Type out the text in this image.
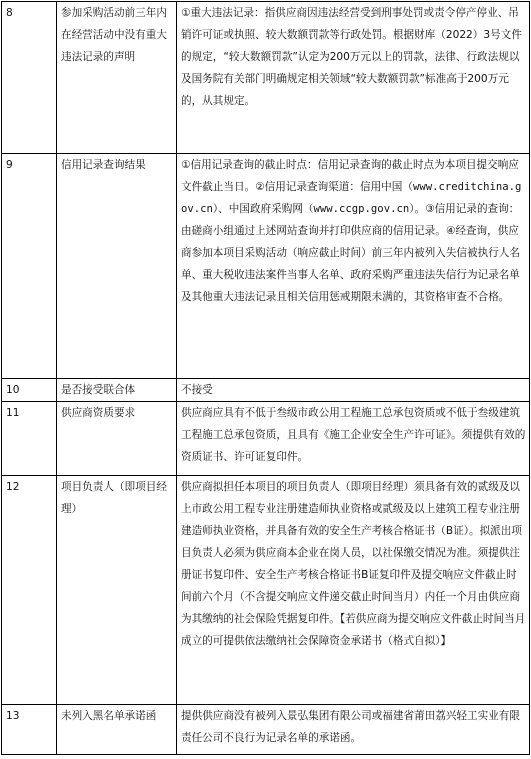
8	参加采购活动前三年内在经营活动中没有重大违法记录的声明	①重大违法记录：指供应商因违法经营受到刑事处罚或责令停产停业、吊销许可证或执照、较大数额罚款等行政处罚。根据财库（2022）3号文件的规定，“较大数额罚款”认定为200万元以上的罚款，法律、行政法规以及国务院有关部门明确规定相关领域“较大数额罚款”标准高于200万元的，从其规定。
9	信用记录查询结果	①信用记录查询的截止时点：信用记录查询的截止时点为本项目提交响应文件截止当日。②信用记录查询渠道：信用中国（www.creditchina.gov.cn）、中国政府采购网（www.ccgp.gov.cn）。③信用记录的查询：由磋商小组通过上述网站查询并打印供应商的信用记录。④经查询，供应商参加本项目采购活动（响应截止时间）前三年内被列入失信被执行人名单、重大税收违法案件当事人名单、政府采购严重违法失信行为记录名单及其他重大违法记录且相关信用惩戒期限未满的，其资格审查不合格。
10	是否接受联合体	不接受
11	供应商资质要求	供应商应具有不低于叁级市政公用工程施工总承包资质或不低于叁级建筑工程施工总承包资质，且具有《施工企业安全生产许可证》。须提供有效的资质证书、许可证复印件。
12	项目负责人（即项目经理）	供应商拟担任本项目的项目负责人（即项目经理）须具备有效的贰级及以上市政公用工程专业注册建造师执业资格或贰级及以上建筑工程专业注册建造师执业资格，并具备有效的安全生产考核合格证书（B证）。拟派出项目负责人必须为供应商本企业在岗人员，以社保缴交情况为准。须提供注册证书复印件、安全生产考核合格证书B证复印件及提交响应文件截止时间前六个月（不含提交响应文件递交截止时间当月）内任一个月由供应商为其缴纳的社会保险凭据复印件。【若供应商为提交响应文件截止时间当月成立的可提供依法缴纳社会保障资金承诺书（格式自拟）】
13	未列入黑名单承诺函	提供供应商没有被列入景弘集团有限公司或福建省莆田荔兴轻工实业有限责任公司不良行为记录名单的承诺函。
